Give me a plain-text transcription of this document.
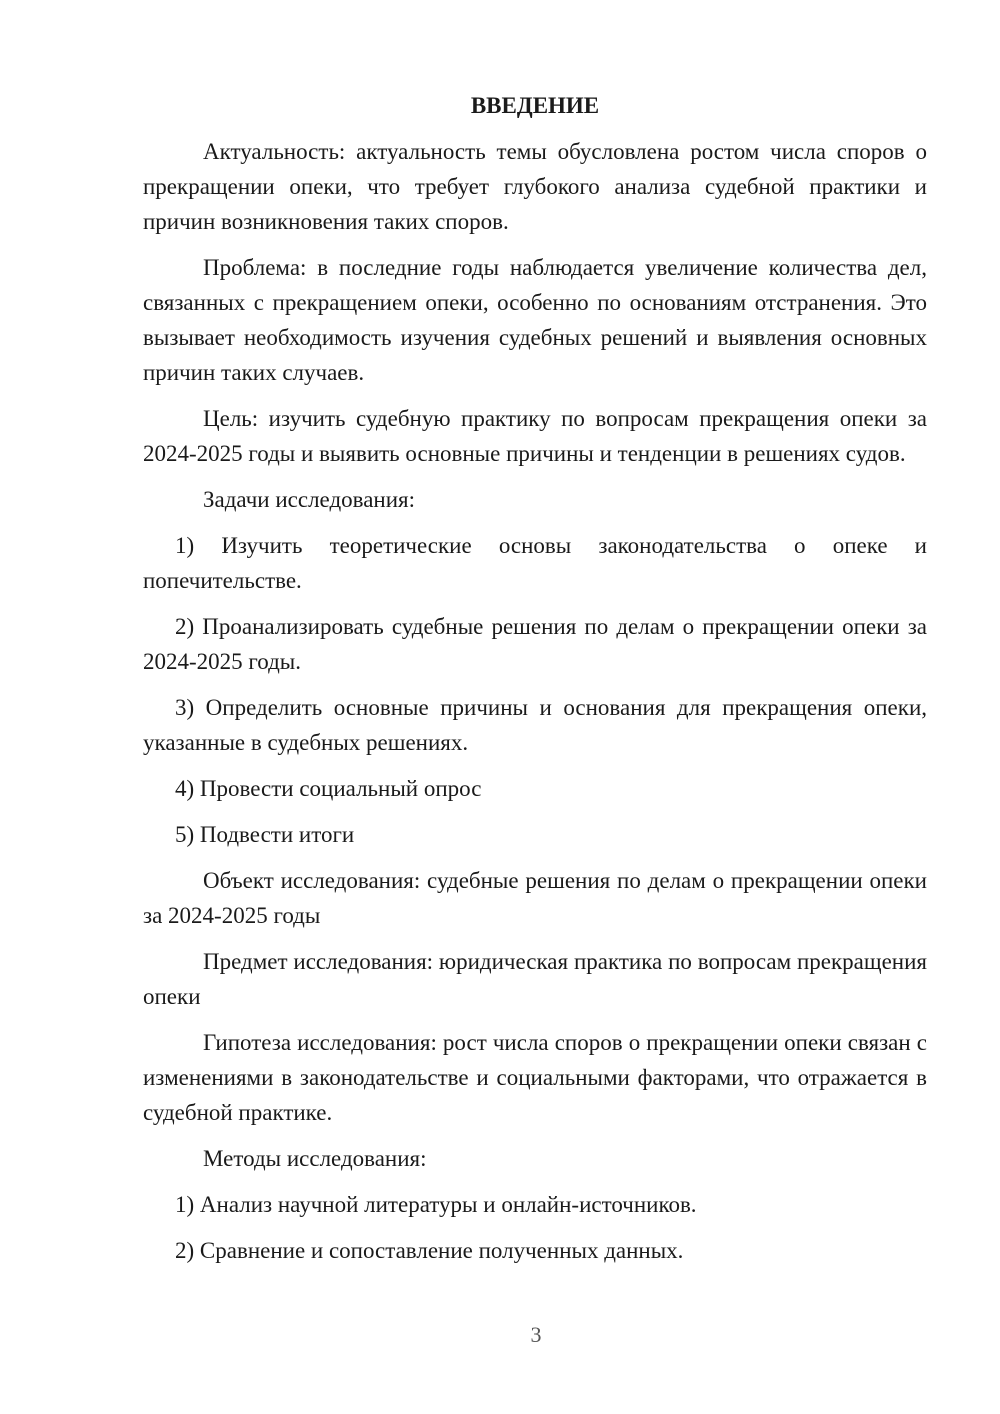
ВВЕДЕНИЕ

Актуальность: актуальность темы обусловлена ростом числа споров о прекращении опеки, что требует глубокого анализа судебной практики и причин возникновения таких споров.

Проблема: в последние годы наблюдается увеличение количества дел, связанных с прекращением опеки, особенно по основаниям отстранения. Это вызывает необходимость изучения судебных решений и выявления основных причин таких случаев.

Цель: изучить судебную практику по вопросам прекращения опеки за 2024-2025 годы и выявить основные причины и тенденции в решениях судов.

Задачи исследования:

1) Изучить теоретические основы законодательства о опеке и попечительстве.

2) Проанализировать судебные решения по делам о прекращении опеки за 2024-2025 годы.

3) Определить основные причины и основания для прекращения опеки, указанные в судебных решениях.

4) Провести социальный опрос

5) Подвести итоги

Объект исследования: судебные решения по делам о прекращении опеки за 2024-2025 годы

Предмет исследования: юридическая практика по вопросам прекращения опеки

Гипотеза исследования: рост числа споров о прекращении опеки связан с изменениями в законодательстве и социальными факторами, что отражается в судебной практике.

Методы исследования:

1) Анализ научной литературы и онлайн-источников.

2) Сравнение и сопоставление полученных данных.

3
